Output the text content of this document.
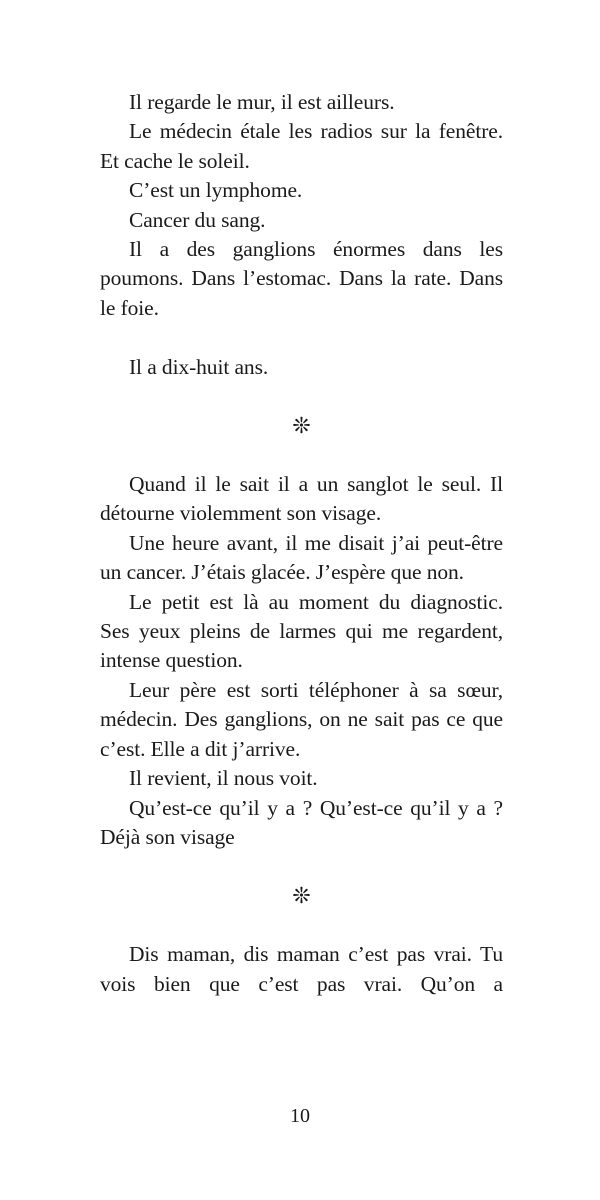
Il regarde le mur, il est ailleurs.

Le médecin étale les radios sur la fenêtre. Et cache le soleil.

C’est un lymphome.

Cancer du sang.

Il a des ganglions énormes dans les poumons. Dans l’estomac. Dans la rate. Dans le foie.

Il a dix-huit ans.

❊

Quand il le sait il a un sanglot le seul. Il détourne violemment son visage.

Une heure avant, il me disait j’ai peut-être un cancer. J’étais glacée. J’espère que non.

Le petit est là au moment du diagnostic. Ses yeux pleins de larmes qui me regardent, intense question.

Leur père est sorti téléphoner à sa sœur, médecin. Des ganglions, on ne sait pas ce que c’est. Elle a dit j’arrive.

Il revient, il nous voit.

Qu’est-ce qu’il y a ? Qu’est-ce qu’il y a ? Déjà son visage

❊

Dis maman, dis maman c’est pas vrai. Tu vois bien que c’est pas vrai. Qu’on a

10
